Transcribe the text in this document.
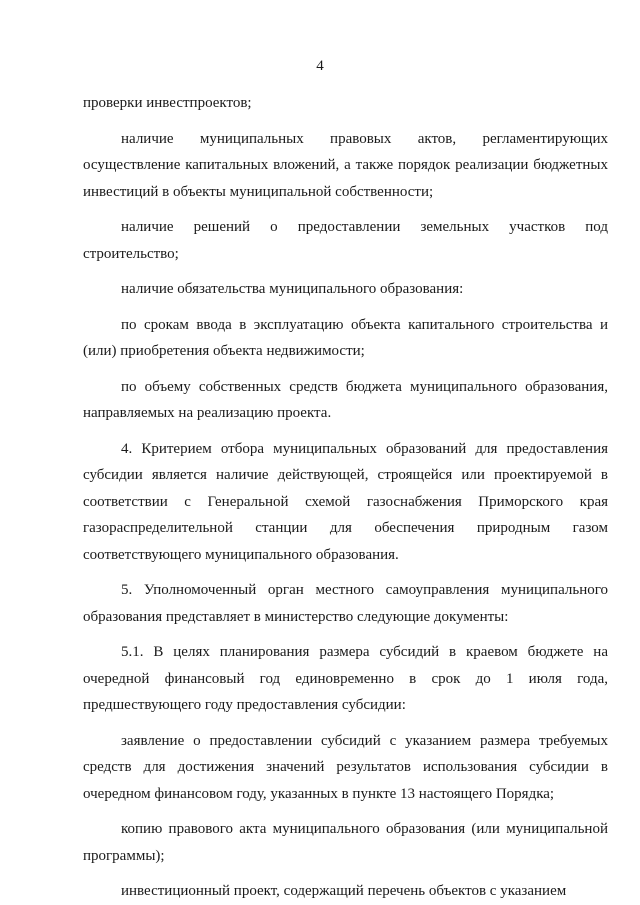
4

проверки инвестпроектов;

наличие муниципальных правовых актов, регламентирующих осуществление капитальных вложений, а также порядок реализации бюджетных инвестиций в объекты муниципальной собственности;

наличие решений о предоставлении земельных участков под строительство;

наличие обязательства муниципального образования:

по срокам ввода в эксплуатацию объекта капитального строительства и (или) приобретения объекта недвижимости;

по объему собственных средств бюджета муниципального образования, направляемых на реализацию проекта.

4. Критерием отбора муниципальных образований для предоставления субсидии является наличие действующей, строящейся или проектируемой в соответствии с Генеральной схемой газоснабжения Приморского края газораспределительной станции для обеспечения природным газом соответствующего муниципального образования.

5. Уполномоченный орган местного самоуправления муниципального образования представляет в министерство следующие документы:

5.1. В целях планирования размера субсидий в краевом бюджете на очередной финансовый год единовременно в срок до 1 июля года, предшествующего году предоставления субсидии:

заявление о предоставлении субсидий с указанием размера требуемых средств для достижения значений результатов использования субсидии в очередном финансовом году, указанных в пункте 13 настоящего Порядка;

копию правового акта муниципального образования (или муниципальной программы);

инвестиционный проект, содержащий перечень объектов с указанием
